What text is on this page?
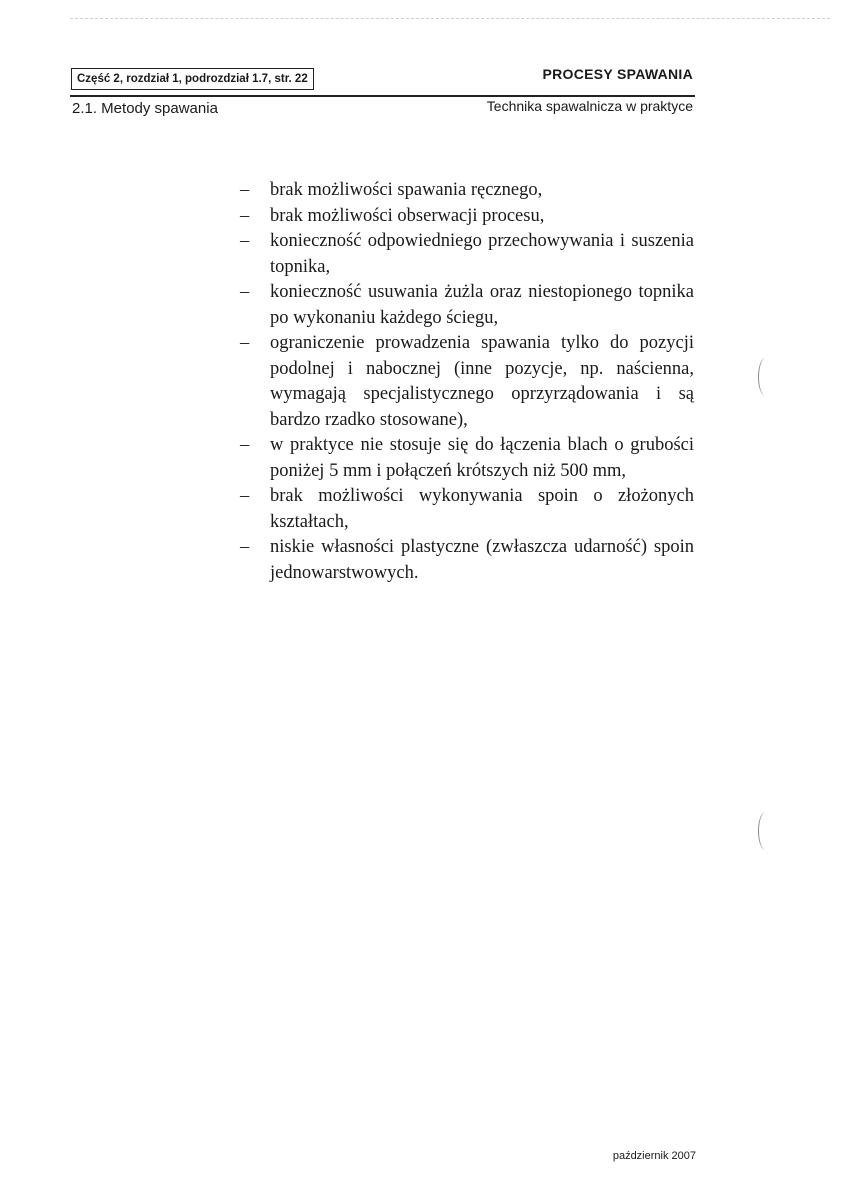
Część 2, rozdział 1, podrozdział 1.7, str. 22	PROCESY SPAWANIA
2.1. Metody spawania	Technika spawalnicza w praktyce
– brak możliwości spawania ręcznego,
– brak możliwości obserwacji procesu,
– konieczność odpowiedniego przechowywania i suszenia topnika,
– konieczność usuwania żużla oraz niestopionego topnika po wykonaniu każdego ściegu,
– ograniczenie prowadzenia spawania tylko do pozycji podolnej i nabocznej (inne pozycje, np. naścienna, wymagają specjalistycznego oprzyrządowania i są bardzo rzadko stosowane),
– w praktyce nie stosuje się do łączenia blach o grubości poniżej 5 mm i połączeń krótszych niż 500 mm,
– brak możliwości wykonywania spoin o złożonych kształtach,
– niskie własności plastyczne (zwłaszcza udarność) spoin jednowarstwowych.
październik 2007
